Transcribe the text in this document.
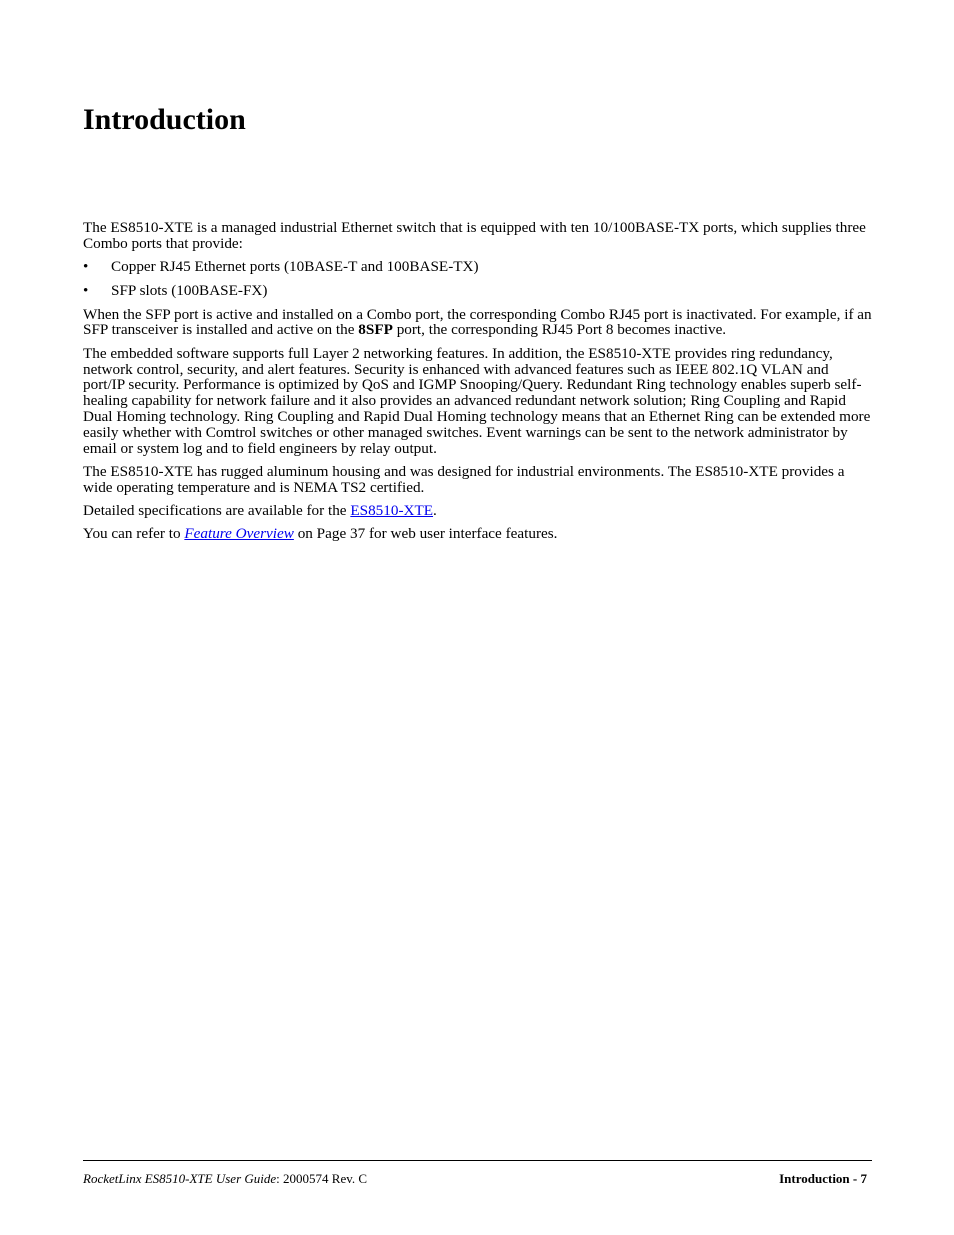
Introduction

The ES8510-XTE is a managed industrial Ethernet switch that is equipped with ten 10/100BASE-TX ports, which supplies three Combo ports that provide:

• Copper RJ45 Ethernet ports (10BASE-T and 100BASE-TX)
• SFP slots (100BASE-FX)

When the SFP port is active and installed on a Combo port, the corresponding Combo RJ45 port is inactivated. For example, if an SFP transceiver is installed and active on the 8SFP port, the corresponding RJ45 Port 8 becomes inactive.

The embedded software supports full Layer 2 networking features. In addition, the ES8510-XTE provides ring redundancy, network control, security, and alert features. Security is enhanced with advanced features such as IEEE 802.1Q VLAN and port/IP security. Performance is optimized by QoS and IGMP Snooping/Query. Redundant Ring technology enables superb self-healing capability for network failure and it also provides an advanced redundant network solution; Ring Coupling and Rapid Dual Homing technology. Ring Coupling and Rapid Dual Homing technology means that an Ethernet Ring can be extended more easily whether with Comtrol switches or other managed switches. Event warnings can be sent to the network administrator by email or system log and to field engineers by relay output.

The ES8510-XTE has rugged aluminum housing and was designed for industrial environments. The ES8510-XTE provides a wide operating temperature and is NEMA TS2 certified.

Detailed specifications are available for the ES8510-XTE.

You can refer to Feature Overview on Page 37 for web user interface features.

RocketLinx ES8510-XTE User Guide: 2000574 Rev. C	Introduction - 7
